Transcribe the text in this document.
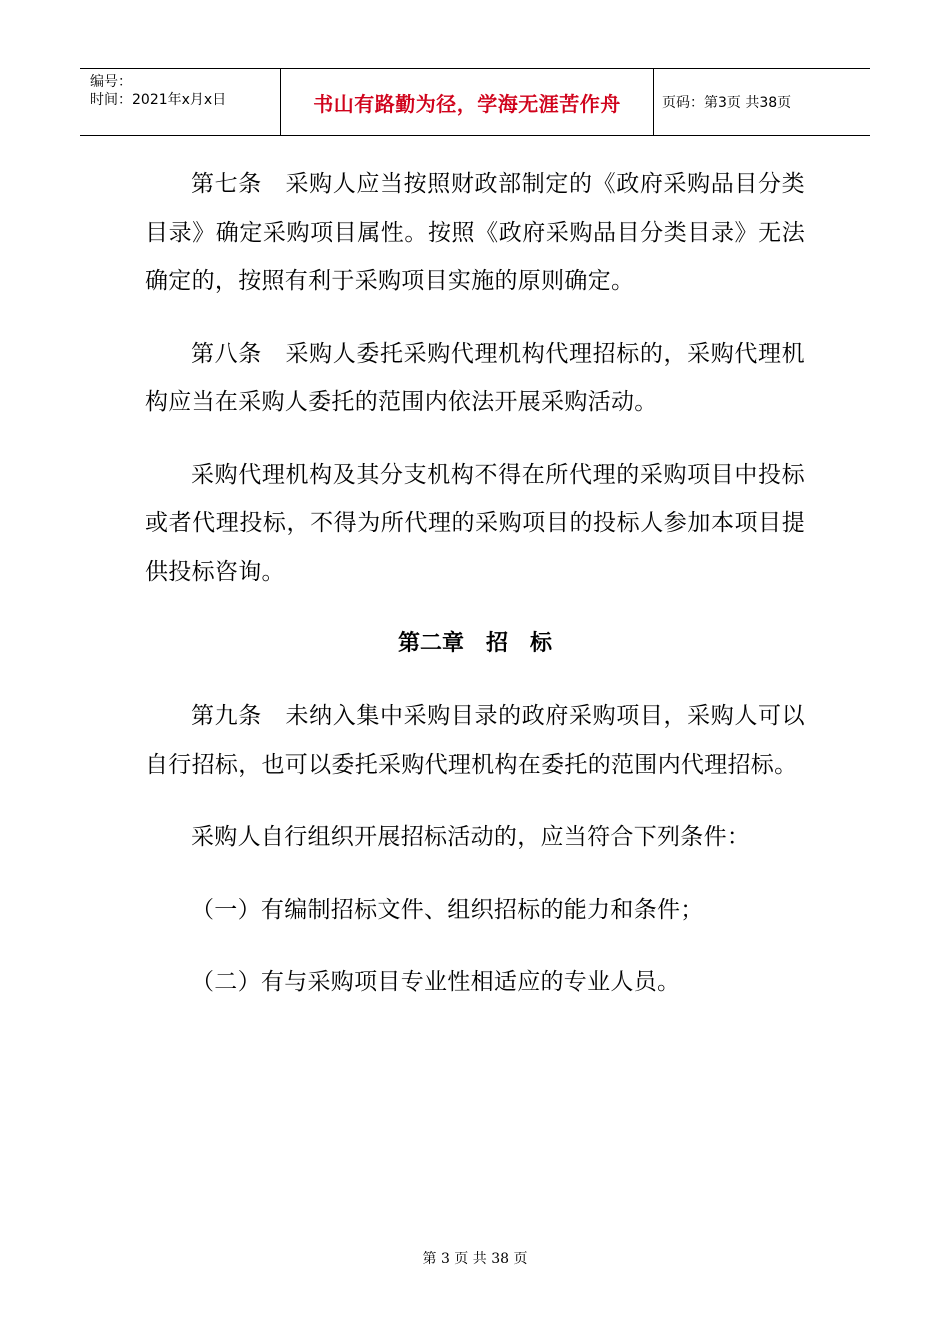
编号：
时间：2021年x月x日	书山有路勤为径，学海无涯苦作舟	页码：第3页 共38页

第七条　采购人应当按照财政部制定的《政府采购品目分类目录》确定采购项目属性。按照《政府采购品目分类目录》无法确定的，按照有利于采购项目实施的原则确定。

第八条　采购人委托采购代理机构代理招标的，采购代理机构应当在采购人委托的范围内依法开展采购活动。

采购代理机构及其分支机构不得在所代理的采购项目中投标或者代理投标，不得为所代理的采购项目的投标人参加本项目提供投标咨询。

第二章　招　标

第九条　未纳入集中采购目录的政府采购项目，采购人可以自行招标，也可以委托采购代理机构在委托的范围内代理招标。

采购人自行组织开展招标活动的，应当符合下列条件：

（一）有编制招标文件、组织招标的能力和条件；

（二）有与采购项目专业性相适应的专业人员。

第 3 页 共 38 页
